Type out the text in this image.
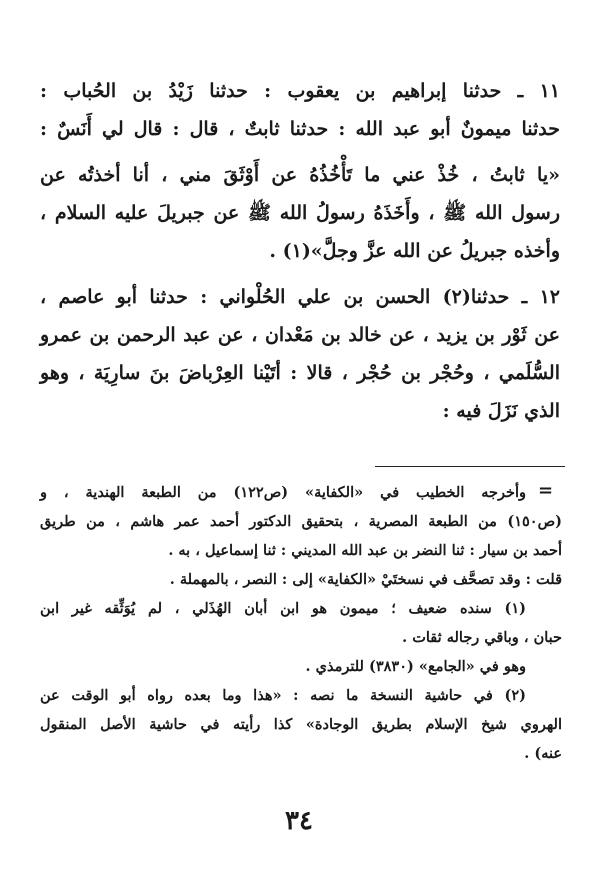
١١ ـ حدثنا إبراهيم بن يعقوب : حدثنا زَيْدُ بن الحُباب :
حدثنا ميمونٌ أبو عبد الله : حدثنا ثابتٌ ، قال : قال لي أَنَسٌ :
«يا ثابتُ ، خُذْ عني ما تَأْخُذُهُ عن أَوْثَقَ مني ، أنا أخذتُه عن
رسول الله ﷺ ، وأَخَذَهُ رسولُ الله ﷺ عن جبريلَ عليه السلام ،
وأخذه جبريلُ عن الله عزَّ وجلَّ»(١) .
١٢ ـ حدثنا(٢) الحسن بن علي الحُلْواني : حدثنا أبو عاصم ،
عن ثَوْر بن يزيد ، عن خالد بن مَعْدان ، عن عبد الرحمن بن عمرو
السُّلَمي ، وحُجْر بن حُجْر ، قالا : أتَيْنا العِرْباضَ بنَ سارِيَة ، وهو
الذي نَزَلَ فيه :
=
وأخرجه الخطيب في «الكفاية» (ص١٢٢) من الطبعة الهندية ، و
(ص١٥٠) من الطبعة المصرية ، بتحقيق الدكتور أحمد عمر هاشم ، من طريق
أحمد بن سيار : ثنا النضر بن عبد الله المديني : ثنا إسماعيل ، به .
قلت : وقد تصحَّف في نسختَيْ «الكفاية» إلى : النصر ، بالمهملة .
(١) سنده ضعيف ؛ ميمون هو ابن أبان الهُذَلي ، لم يُوَثِّقه غير ابن
حبان ، وباقي رجاله ثقات .
وهو في «الجامع» (٣٨٣٠) للترمذي .
(٢) في حاشية النسخة ما نصه : «هذا وما بعده رواه أبو الوقت عن
الهروي شيخ الإسلام بطريق الوجادة» كذا رأيته في حاشية الأصل المنقول
عنه) .
٣٤
